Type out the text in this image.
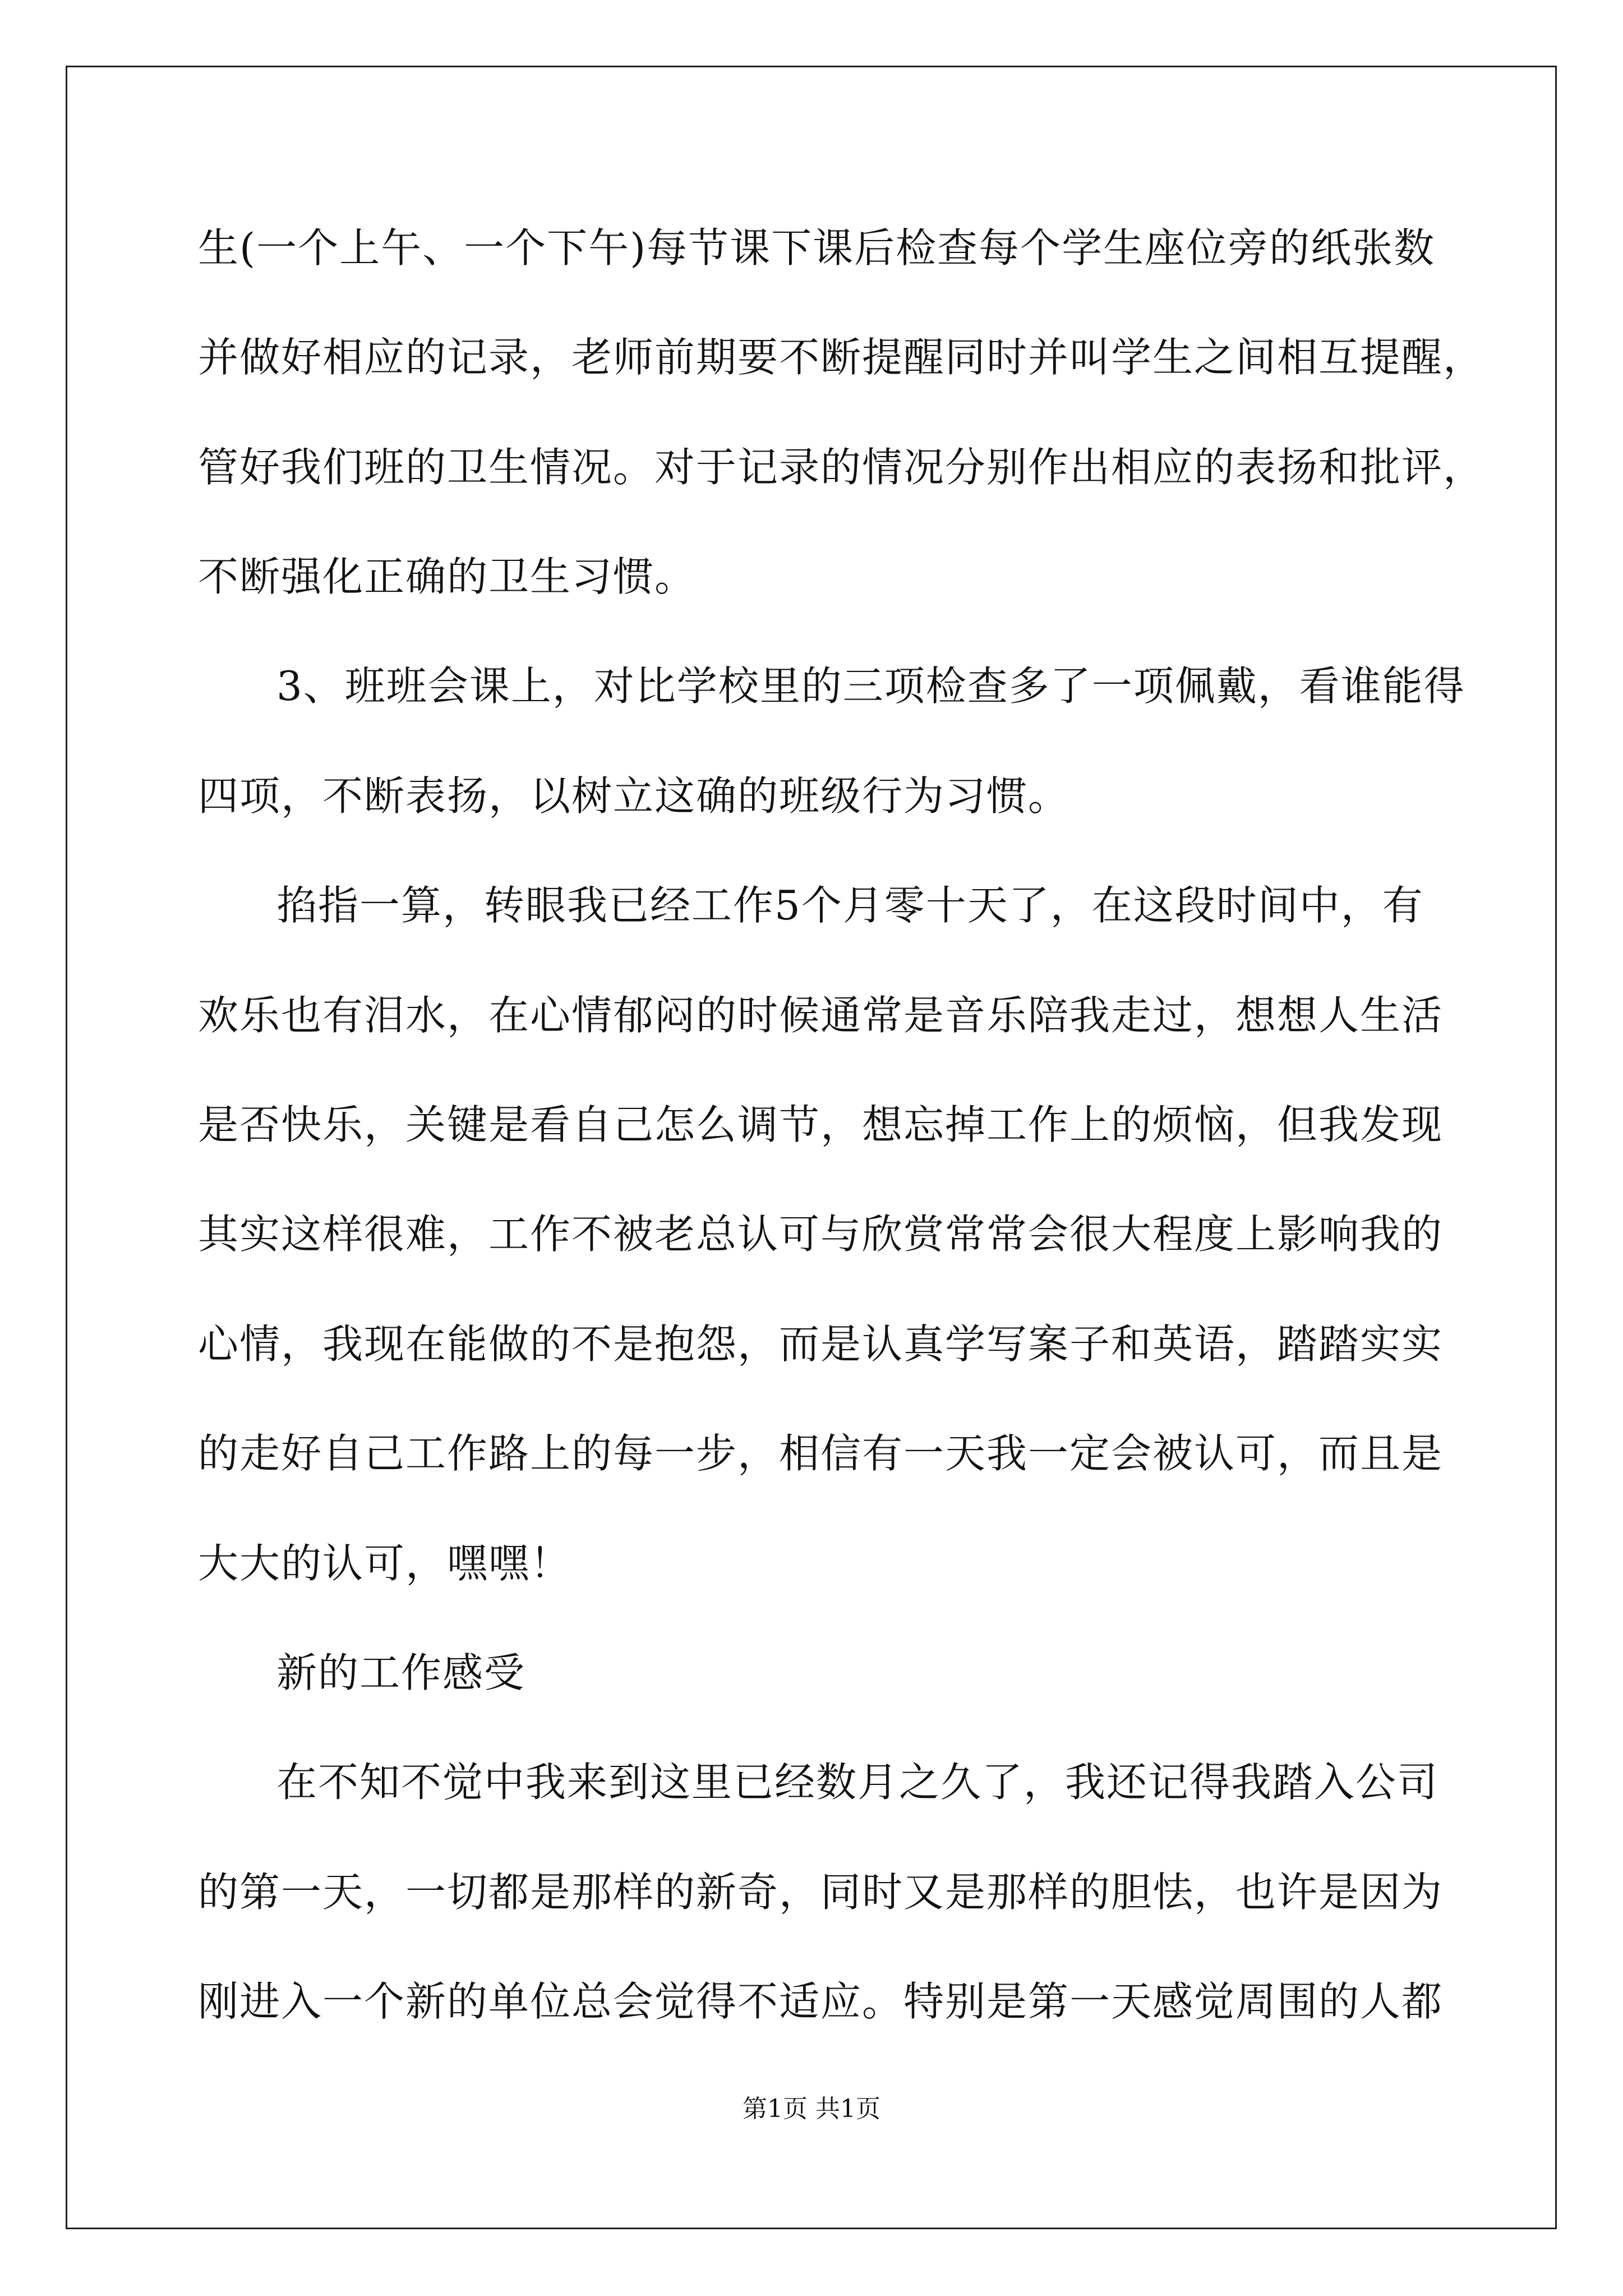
生(一个上午、一个下午)每节课下课后检查每个学生座位旁的纸张数
并做好相应的记录，老师前期要不断提醒同时并叫学生之间相互提醒，
管好我们班的卫生情况。对于记录的情况分别作出相应的表扬和批评，
不断强化正确的卫生习惯。
3、班班会课上，对比学校里的三项检查多了一项佩戴，看谁能得
四项，不断表扬，以树立这确的班级行为习惯。
掐指一算，转眼我已经工作5个月零十天了，在这段时间中，有
欢乐也有泪水，在心情郁闷的时候通常是音乐陪我走过，想想人生活
是否快乐，关键是看自己怎么调节，想忘掉工作上的烦恼，但我发现
其实这样很难，工作不被老总认可与欣赏常常会很大程度上影响我的
心情，我现在能做的不是抱怨，而是认真学写案子和英语，踏踏实实
的走好自己工作路上的每一步，相信有一天我一定会被认可，而且是
大大的认可，嘿嘿！
新的工作感受
在不知不觉中我来到这里已经数月之久了，我还记得我踏入公司
的第一天，一切都是那样的新奇，同时又是那样的胆怯，也许是因为
刚进入一个新的单位总会觉得不适应。特别是第一天感觉周围的人都
第1页 共1页
